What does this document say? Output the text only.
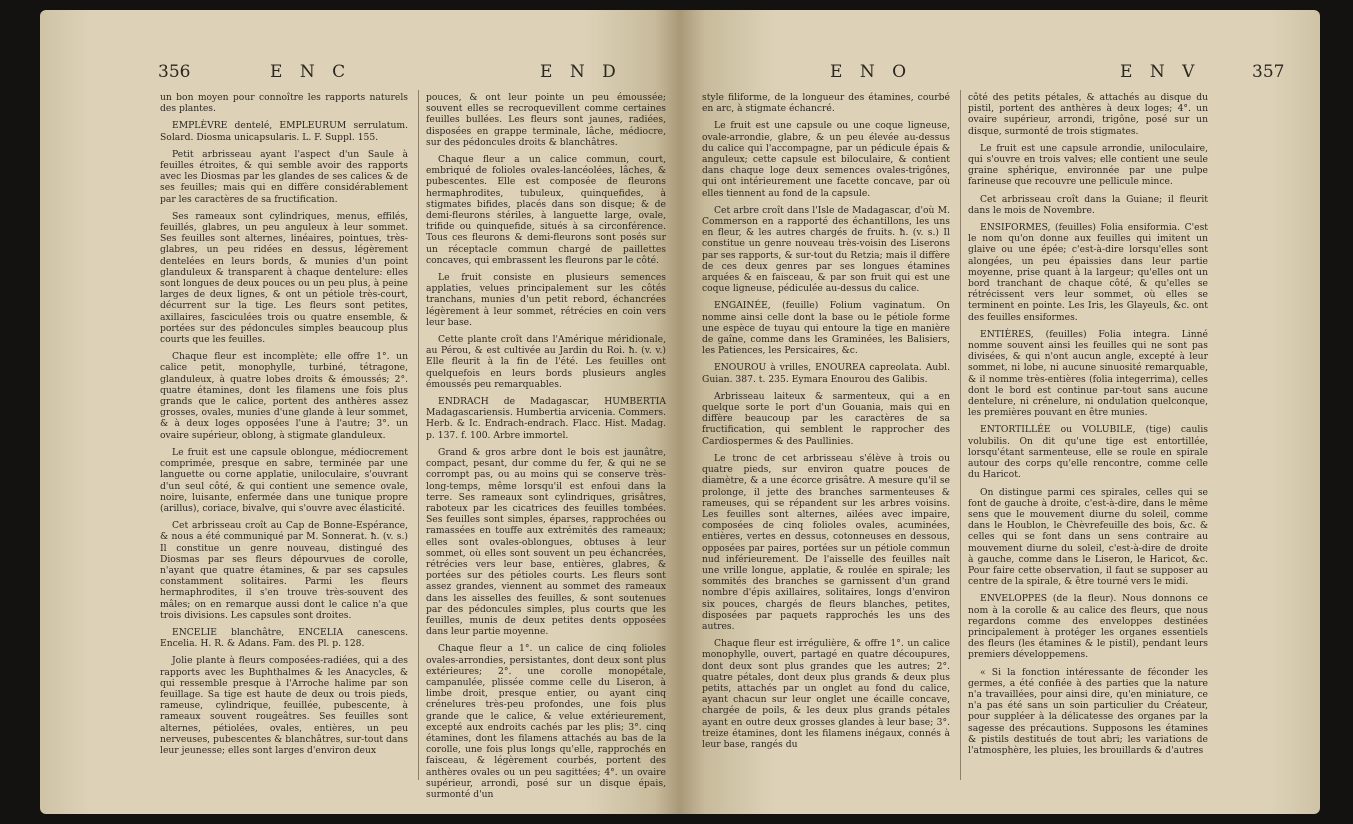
356	E N C	E N D

un bon moyen pour connoître les rapports naturels des plantes.

EMPLÈVRE dentelé, EMPLEURUM serrulatum. Solard. Diosma unicapsularis. L. F. Suppl. 155.

Petit arbrisseau ayant l'aspect d'un Saule à feuilles étroites, & qui semble avoir des rapports avec les Diosmas par les glandes de ses calices & de ses feuilles; mais qui en diffère considérablement par les caractères de sa fructification.

Ses rameaux sont cylindriques, menus, effilés, feuillés, glabres, un peu anguleux à leur sommet. Ses feuilles sont alternes, linéaires, pointues, très-glabres, un peu ridées en dessus, légèrement dentelées en leurs bords, & munies d'un point glanduleux & transparent à chaque dentelure: elles sont longues de deux pouces ou un peu plus, à peine larges de deux lignes, & ont un pétiole très-court, décurrent sur la tige. Les fleurs sont petites, axillaires, fasciculées trois ou quatre ensemble, & portées sur des pédoncules simples beaucoup plus courts que les feuilles.

Chaque fleur est incomplète; elle offre 1°. un calice petit, monophylle, turbiné, tétragone, glanduleux, à quatre lobes droits & émoussés; 2°. quatre étamines, dont les filamens une fois plus grands que le calice, portent des anthères assez grosses, ovales, munies d'une glande à leur sommet, & à deux loges opposées l'une à l'autre; 3°. un ovaire supérieur, oblong, à stigmate glanduleux.

Le fruit est une capsule oblongue, médiocrement comprimée, presque en sabre, terminée par une languette ou corne applatie, uniloculaire, s'ouvrant d'un seul côté, & qui contient une semence ovale, noire, luisante, enfermée dans une tunique propre (arillus), coriace, bivalve, qui s'ouvre avec élasticité.

Cet arbrisseau croît au Cap de Bonne-Espérance, & nous a été communiqué par M. Sonnerat. ħ. (v. s.) Il constitue un genre nouveau, distingué des Diosmas par ses fleurs dépourvues de corolle, n'ayant que quatre étamines, & par ses capsules constamment solitaires. Parmi les fleurs hermaphrodites, il s'en trouve très-souvent des mâles; on en remarque aussi dont le calice n'a que trois divisions. Les capsules sont droites.

ENCELIE blanchâtre, ENCELIA canescens. Encelia. H. R. & Adans. Fam. des Pl. p. 128.

Jolie plante à fleurs composées-radiées, qui a des rapports avec les Buphthalmes & les Anacycles, & qui ressemble presque à l'Arroche halime par son feuillage. Sa tige est haute de deux ou trois pieds, rameuse, cylindrique, feuillée, pubescente, à rameaux souvent rougeâtres. Ses feuilles sont alternes, pétiolées, ovales, entières, un peu nerveuses, pubescentes & blanchâtres, sur-tout dans leur jeunesse; elles sont larges d'environ deux

pouces, & ont leur pointe un peu émoussée; souvent elles se recroquevillent comme certaines feuilles bullées. Les fleurs sont jaunes, radiées, disposées en grappe terminale, lâche, médiocre, sur des pédoncules droits & blanchâtres.

Chaque fleur a un calice commun, court, embriqué de folioles ovales-lancéolées, lâches, & pubescentes. Elle est composée de fleurons hermaphrodites, tubuleux, quinquefides, à stigmates bifides, placés dans son disque; & de demi-fleurons stériles, à languette large, ovale, trifide ou quinquefide, situés à sa circonférence. Tous ces fleurons & demi-fleurons sont posés sur un réceptacle commun chargé de paillettes concaves, qui embrassent les fleurons par le côté.

Le fruit consiste en plusieurs semences applaties, velues principalement sur les côtés tranchans, munies d'un petit rebord, échancrées légèrement à leur sommet, rétrécies en coin vers leur base.

Cette plante croît dans l'Amérique méridionale, au Pérou, & est cultivée au Jardin du Roi. ħ. (v. v.) Elle fleurit à la fin de l'été. Les feuilles ont quelquefois en leurs bords plusieurs angles émoussés peu remarquables.

ENDRACH de Madagascar, HUMBERTIA Madagascariensis. Humbertia arvicenia. Commers. Herb. & Ic. Endrach-endrach. Flacc. Hist. Madag. p. 137. f. 100. Arbre immortel.

Grand & gros arbre dont le bois est jaunâtre, compact, pesant, dur comme du fer, & qui ne se corrompt pas, ou au moins qui se conserve très-long-temps, même lorsqu'il est enfoui dans la terre. Ses rameaux sont cylindriques, grisâtres, raboteux par les cicatrices des feuilles tombées. Ses feuilles sont simples, éparses, rapprochées ou ramassées en touffe aux extrémités des rameaux; elles sont ovales-oblongues, obtuses à leur sommet, où elles sont souvent un peu échancrées, rétrécies vers leur base, entières, glabres, & portées sur des pétioles courts. Les fleurs sont assez grandes, viennent au sommet des rameaux dans les aisselles des feuilles, & sont soutenues par des pédoncules simples, plus courts que les feuilles, munis de deux petites dents opposées dans leur partie moyenne.

Chaque fleur a 1°. un calice de cinq folioles ovales-arrondies, persistantes, dont deux sont plus extérieures; 2°. une corolle monopétale, campanulée, plissée comme celle du Liseron, à limbe droit, presque entier, ou ayant cinq crénelures très-peu profondes, une fois plus grande que le calice, & velue extérieurement, excepté aux endroits cachés par les plis; 3°. cinq étamines, dont les filamens attachés au bas de la corolle, une fois plus longs qu'elle, rapprochés en faisceau, & légèrement courbés, portent des anthères ovales ou un peu sagittées; 4°. un ovaire supérieur, arrondi, posé sur un disque épais, surmonté d'un

E N O	E N V	357

style filiforme, de la longueur des étamines, courbé en arc, à stigmate échancré.

Le fruit est une capsule ou une coque ligneuse, ovale-arrondie, glabre, & un peu élevée au-dessus du calice qui l'accompagne, par un pédicule épais & anguleux; cette capsule est biloculaire, & contient dans chaque loge deux semences ovales-trigônes, qui ont intérieurement une facette concave, par où elles tiennent au fond de la capsule.

Cet arbre croît dans l'Isle de Madagascar, d'où M. Commerson en a rapporté des échantillons, les uns en fleur, & les autres chargés de fruits. ħ. (v. s.) Il constitue un genre nouveau très-voisin des Liserons par ses rapports, & sur-tout du Retzia; mais il diffère de ces deux genres par ses longues étamines arquées & en faisceau, & par son fruit qui est une coque ligneuse, pédiculée au-dessus du calice.

ENGAINÉE, (feuille) Folium vaginatum. On nomme ainsi celle dont la base ou le pétiole forme une espèce de tuyau qui entoure la tige en manière de gaîne, comme dans les Graminées, les Balisiers, les Patiences, les Persicaires, &c.

ENOUROU à vrilles, ENOUREA capreolata. Aubl. Guian. 387. t. 235. Eymara Enourou des Galibis.

Arbrisseau laiteux & sarmenteux, qui a en quelque sorte le port d'un Gouania, mais qui en diffère beaucoup par les caractères de sa fructification, qui semblent le rapprocher des Cardiospermes & des Paullinies.

Le tronc de cet arbrisseau s'élève à trois ou quatre pieds, sur environ quatre pouces de diamètre, & a une écorce grisâtre. A mesure qu'il se prolonge, il jette des branches sarmenteuses & rameuses, qui se répandent sur les arbres voisins. Les feuilles sont alternes, ailées avec impaire, composées de cinq folioles ovales, acuminées, entières, vertes en dessus, cotonneuses en dessous, opposées par paires, portées sur un pétiole commun nud inférieurement. De l'aisselle des feuilles naît une vrille longue, applatie, & roulée en spirale; les sommités des branches se garnissent d'un grand nombre d'épis axillaires, solitaires, longs d'environ six pouces, chargés de fleurs blanches, petites, disposées par paquets rapprochés les uns des autres.

Chaque fleur est irrégulière, & offre 1°. un calice monophylle, ouvert, partagé en quatre découpures, dont deux sont plus grandes que les autres; 2°. quatre pétales, dont deux plus grands & deux plus petits, attachés par un onglet au fond du calice, ayant chacun sur leur onglet une écaille concave, chargée de poils, & les deux plus grands pétales ayant en outre deux grosses glandes à leur base; 3°. treize étamines, dont les filamens inégaux, connés à leur base, rangés du

côté des petits pétales, & attachés au disque du pistil, portent des anthères à deux loges; 4°. un ovaire supérieur, arrondi, trigône, posé sur un disque, surmonté de trois stigmates.

Le fruit est une capsule arrondie, uniloculaire, qui s'ouvre en trois valves; elle contient une seule graine sphérique, environnée par une pulpe farineuse que recouvre une pellicule mince.

Cet arbrisseau croît dans la Guiane; il fleurit dans le mois de Novembre.

ENSIFORMES, (feuilles) Folia ensiformia. C'est le nom qu'on donne aux feuilles qui imitent un glaive ou une épée; c'est-à-dire lorsqu'elles sont alongées, un peu épaissies dans leur partie moyenne, prise quant à la largeur; qu'elles ont un bord tranchant de chaque côté, & qu'elles se rétrécissent vers leur sommet, où elles se terminent en pointe. Les Iris, les Glayeuls, &c. ont des feuilles ensiformes.

ENTIÈRES, (feuilles) Folia integra. Linné nomme souvent ainsi les feuilles qui ne sont pas divisées, & qui n'ont aucun angle, excepté à leur sommet, ni lobe, ni aucune sinuosité remarquable, & il nomme très-entières (folia integerrima), celles dont le bord est continue par-tout sans aucune dentelure, ni crénelure, ni ondulation quelconque, les premières pouvant en être munies.

ENTORTILLÉE ou VOLUBILE, (tige) caulis volubilis. On dit qu'une tige est entortillée, lorsqu'étant sarmenteuse, elle se roule en spirale autour des corps qu'elle rencontre, comme celle du Haricot.

On distingue parmi ces spirales, celles qui se font de gauche à droite, c'est-à-dire, dans le même sens que le mouvement diurne du soleil, comme dans le Houblon, le Chèvrefeuille des bois, &c. & celles qui se font dans un sens contraire au mouvement diurne du soleil, c'est-à-dire de droite à gauche, comme dans le Liseron, le Haricot, &c. Pour faire cette observation, il faut se supposer au centre de la spirale, & être tourné vers le midi.

ENVELOPPES (de la fleur). Nous donnons ce nom à la corolle & au calice des fleurs, que nous regardons comme des enveloppes destinées principalement à protéger les organes essentiels des fleurs (les étamines & le pistil), pendant leurs premiers développemens.

« Si la fonction intéressante de féconder les germes, a été confiée à des parties que la nature n'a travaillées, pour ainsi dire, qu'en miniature, ce n'a pas été sans un soin particulier du Créateur, pour suppléer à la délicatesse des organes par la sagesse des précautions. Supposons les étamines & pistils destitués de tout abri; les variations de l'atmosphère, les pluies, les brouillards & d'autres
